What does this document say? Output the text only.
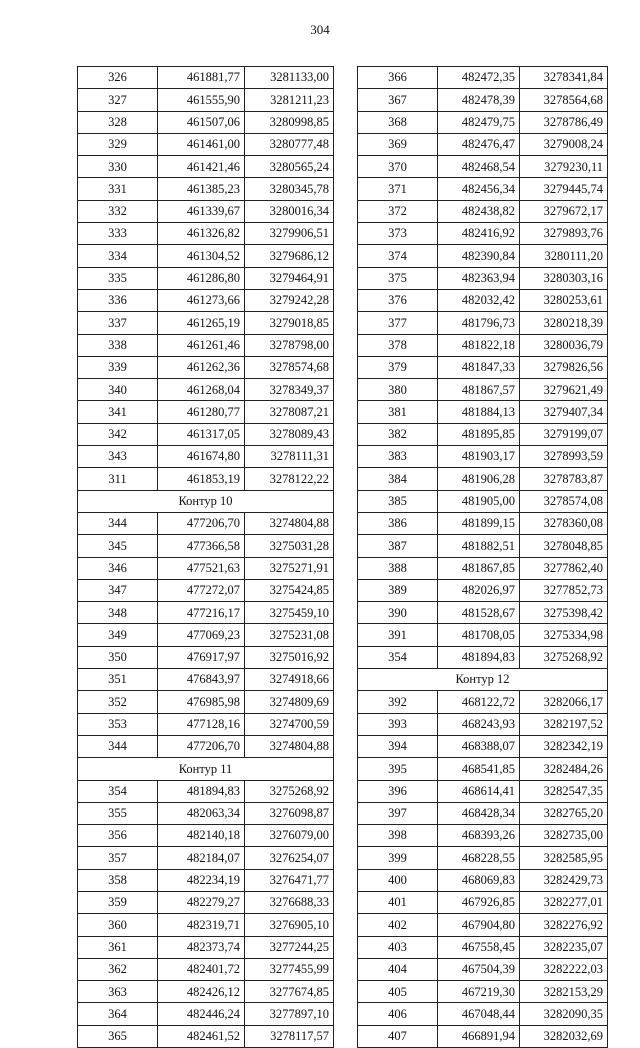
304
326	461881,77	3281133,00
327	461555,90	3281211,23
328	461507,06	3280998,85
329	461461,00	3280777,48
330	461421,46	3280565,24
331	461385,23	3280345,78
332	461339,67	3280016,34
333	461326,82	3279906,51
334	461304,52	3279686,12
335	461286,80	3279464,91
336	461273,66	3279242,28
337	461265,19	3279018,85
338	461261,46	3278798,00
339	461262,36	3278574,68
340	461268,04	3278349,37
341	461280,77	3278087,21
342	461317,05	3278089,43
343	461674,80	3278111,31
311	461853,19	3278122,22
Контур 10		
344	477206,70	3274804,88
345	477366,58	3275031,28
346	477521,63	3275271,91
347	477272,07	3275424,85
348	477216,17	3275459,10
349	477069,23	3275231,08
350	476917,97	3275016,92
351	476843,97	3274918,66
352	476985,98	3274809,69
353	477128,16	3274700,59
344	477206,70	3274804,88
Контур 11		
354	481894,83	3275268,92
355	482063,34	3276098,87
356	482140,18	3276079,00
357	482184,07	3276254,07
358	482234,19	3276471,77
359	482279,27	3276688,33
360	482319,71	3276905,10
361	482373,74	3277244,25
362	482401,72	3277455,99
363	482426,12	3277674,85
364	482446,24	3277897,10
365	482461,52	3278117,57
366	482472,35	3278341,84
367	482478,39	3278564,68
368	482479,75	3278786,49
369	482476,47	3279008,24
370	482468,54	3279230,11
371	482456,34	3279445,74
372	482438,82	3279672,17
373	482416,92	3279893,76
374	482390,84	3280111,20
375	482363,94	3280303,16
376	482032,42	3280253,61
377	481796,73	3280218,39
378	481822,18	3280036,79
379	481847,33	3279826,56
380	481867,57	3279621,49
381	481884,13	3279407,34
382	481895,85	3279199,07
383	481903,17	3278993,59
384	481906,28	3278783,87
385	481905,00	3278574,08
386	481899,15	3278360,08
387	481882,51	3278048,85
388	481867,85	3277862,40
389	482026,97	3277852,73
390	481528,67	3275398,42
391	481708,05	3275334,98
354	481894,83	3275268,92
Контур 12		
392	468122,72	3282066,17
393	468243,93	3282197,52
394	468388,07	3282342,19
395	468541,85	3282484,26
396	468614,41	3282547,35
397	468428,34	3282765,20
398	468393,26	3282735,00
399	468228,55	3282585,95
400	468069,83	3282429,73
401	467926,85	3282277,01
402	467904,80	3282276,92
403	467558,45	3282235,07
404	467504,39	3282222,03
405	467219,30	3282153,29
406	467048,44	3282090,35
407	466891,94	3282032,69
